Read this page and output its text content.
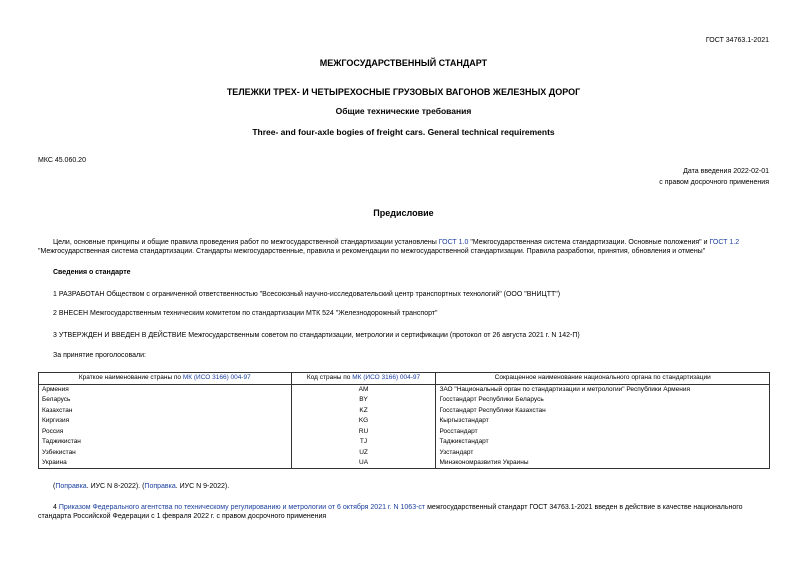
ГОСТ 34763.1-2021
МЕЖГОСУДАРСТВЕННЫЙ СТАНДАРТ
ТЕЛЕЖКИ ТРЕХ- И ЧЕТЫРЕХОСНЫЕ ГРУЗОВЫХ ВАГОНОВ ЖЕЛЕЗНЫХ ДОРОГ
Общие технические требования
Three- and four-axle bogies of freight cars. General technical requirements
МКС 45.060.20
Дата введения 2022-02-01
с правом досрочного применения
Предисловие
Цели, основные принципы и общие правила проведения работ по межгосударственной стандартизации установлены ГОСТ 1.0 "Межгосударственная система стандартизации. Основные положения" и ГОСТ 1.2 "Межгосударственная система стандартизации. Стандарты межгосударственные, правила и рекомендации по межгосударственной стандартизации. Правила разработки, принятия, обновления и отмены"
Сведения о стандарте
1 РАЗРАБОТАН Обществом с ограниченной ответственностью "Всесоюзный научно-исследовательский центр транспортных технологий" (ООО "ВНИЦТТ")
2 ВНЕСЕН Межгосударственным техническим комитетом по стандартизации МТК 524 "Железнодорожный транспорт"
3 УТВЕРЖДЕН И ВВЕДЕН В ДЕЙСТВИЕ Межгосударственным советом по стандартизации, метрологии и сертификации (протокол от 26 августа 2021 г. N 142-П)
За принятие проголосовали:
Краткое наименование страны по МК (ИСО 3166) 004-97	Код страны по МК (ИСО 3166) 004-97	Сокращенное наименование национального органа по стандартизации
Армения	AM	ЗАО "Национальный орган по стандартизации и метрологии" Республики Армения
Беларусь	BY	Госстандарт Республики Беларусь
Казахстан	KZ	Госстандарт Республики Казахстан
Киргизия	KG	Кыргызстандарт
Россия	RU	Росстандарт
Таджикистан	TJ	Таджикстандарт
Узбекистан	UZ	Узстандарт
Украина	UA	Минэкономразвития Украины
(Поправка. ИУС N 8-2022). (Поправка. ИУС N 9-2022).
4 Приказом Федерального агентства по техническому регулированию и метрологии от 6 октября 2021 г. N 1063-ст межгосударственный стандарт ГОСТ 34763.1-2021 введен в действие в качестве национального стандарта Российской Федерации с 1 февраля 2022 г. с правом досрочного применения
